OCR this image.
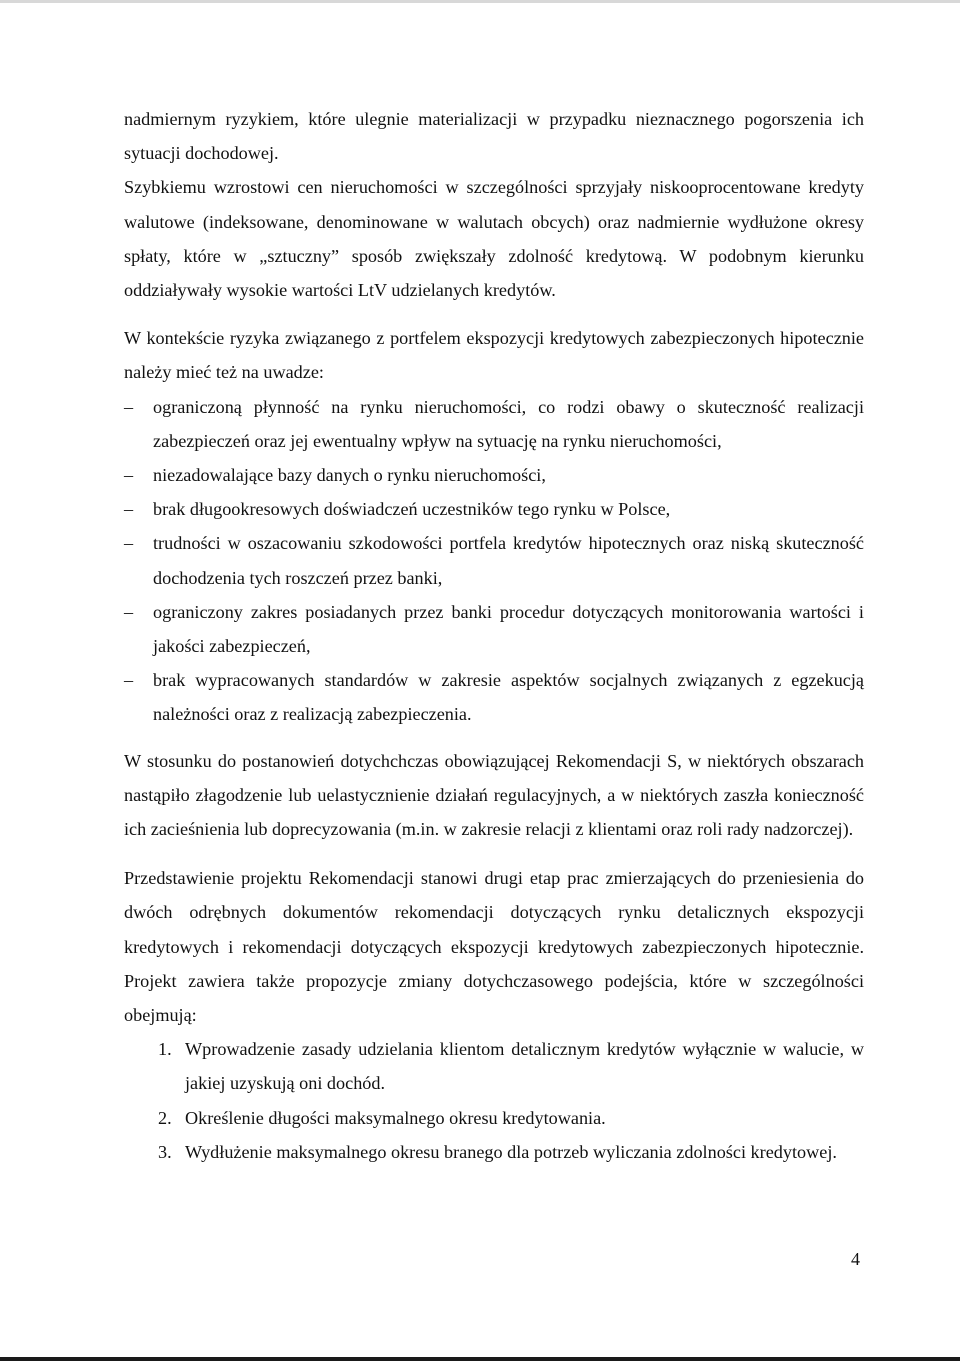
nadmiernym ryzykiem, które ulegnie materializacji w przypadku nieznacznego pogorszenia ich sytuacji dochodowej.

Szybkiemu wzrostowi cen nieruchomości w szczególności sprzyjały niskooprocentowane kredyty walutowe (indeksowane, denominowane w walutach obcych) oraz nadmiernie wydłużone okresy spłaty, które w „sztuczny” sposób zwiększały zdolność kredytową. W podobnym kierunku oddziaływały wysokie wartości LtV udzielanych kredytów.

W kontekście ryzyka związanego z portfelem ekspozycji kredytowych zabezpieczonych hipotecznie należy mieć też na uwadze:

– ograniczoną płynność na rynku nieruchomości, co rodzi obawy o skuteczność realizacji zabezpieczeń oraz jej ewentualny wpływ na sytuację na rynku nieruchomości,
– niezadowalające bazy danych o rynku nieruchomości,
– brak długookresowych doświadczeń uczestników tego rynku w Polsce,
– trudności w oszacowaniu szkodowości portfela kredytów hipotecznych oraz niską skuteczność dochodzenia tych roszczeń przez banki,
– ograniczony zakres posiadanych przez banki procedur dotyczących monitorowania wartości i jakości zabezpieczeń,
– brak wypracowanych standardów w zakresie aspektów socjalnych związanych z egzekucją należności oraz z realizacją zabezpieczenia.

W stosunku do postanowień dotychchczas obowiązującej Rekomendacji S, w niektórych obszarach nastąpiło złagodzenie lub uelastycznienie działań regulacyjnych, a w niektórych zaszła konieczność ich zacieśnienia lub doprecyzowania (m.in. w zakresie relacji z klientami oraz roli rady nadzorczej).

Przedstawienie projektu Rekomendacji stanowi drugi etap prac zmierzających do przeniesienia do dwóch odrębnych dokumentów rekomendacji dotyczących rynku detalicznych ekspozycji kredytowych i rekomendacji dotyczących ekspozycji kredytowych zabezpieczonych hipotecznie. Projekt zawiera także propozycje zmiany dotychczasowego podejścia, które w szczególności obejmują:

1. Wprowadzenie zasady udzielania klientom detalicznym kredytów wyłącznie w walucie, w jakiej uzyskują oni dochód.
2. Określenie długości maksymalnego okresu kredytowania.
3. Wydłużenie maksymalnego okresu branego dla potrzeb wyliczania zdolności kredytowej.
4
